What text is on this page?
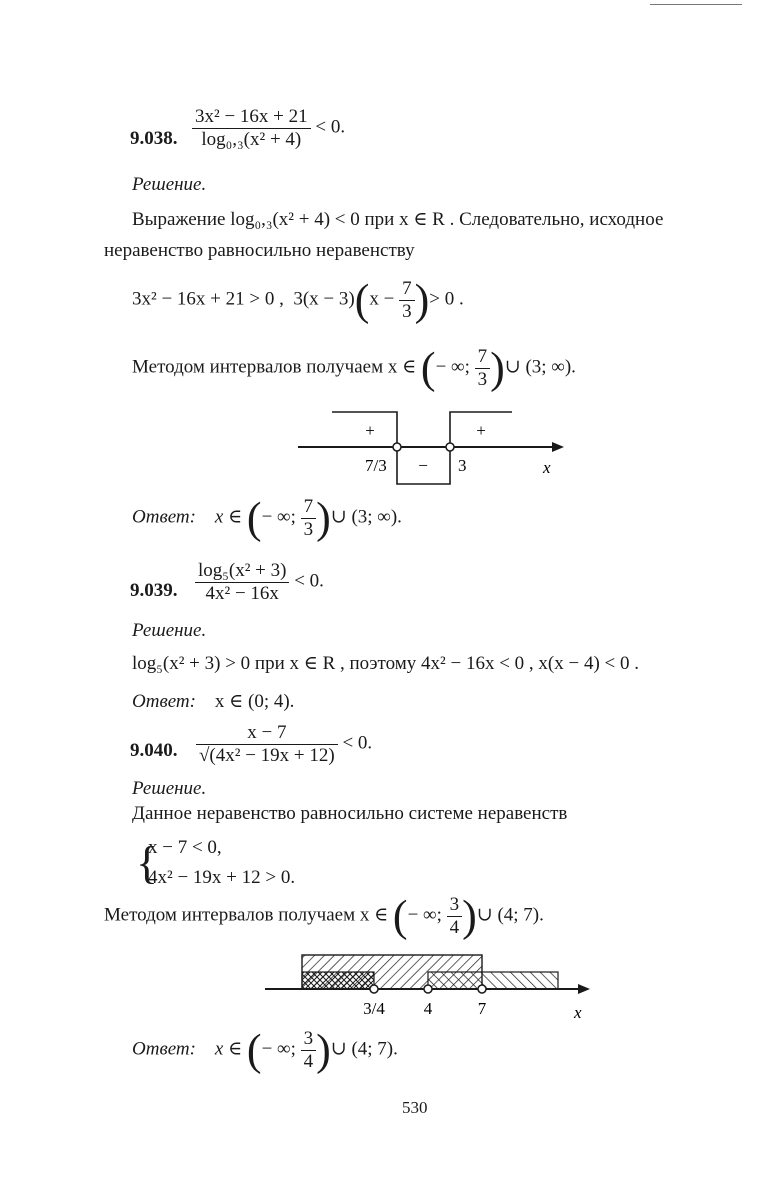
9.038. $\frac{\text{3x² − 16x + 21}}{\text{log₀,₃(x² + 4)}} < 0$.
Решение.
Выражение log₀,₃(x² + 4) < 0 при x ∈ R . Следовательно, исходное
неравенство равносильно неравенству
3x² − 16x + 21 > 0 , $3(x - 3)(x - \frac{7}{3}$ )> 0 .
Методом интервалов получаем x ∈ (− ∞; $\frac{7}{3}$ )∪ (3; ∞).
+
−
+
7/3	3	x
Ответ: x ∈ (− ∞; $\frac{7}{3}$ )∪ (3; ∞).
9.039. $\frac{\text{log₅(x² + 3)}}{\text{4x² − 16x}} < 0$.
Решение.
log₅(x² + 3) > 0 при x ∈ R , поэтому 4x² − 16x < 0 , x(x − 4) < 0 .
Ответ: x ∈ (0; 4).
9.040. $\frac{x - 7}{\text{√(4x² − 19x + 12)}} < 0$.
Решение.
Данное неравенство равносильно системе неравенств
{
x − 7 < 0,
4x² − 19x + 12 > 0.
Методом интервалов получаем x ∈ (− ∞; $\frac{3}{4}$ )∪ (4; 7).
3/4 4	7	x
Ответ: x ∈ (− ∞; $\frac{3}{4}$ )∪ (4; 7).
530
